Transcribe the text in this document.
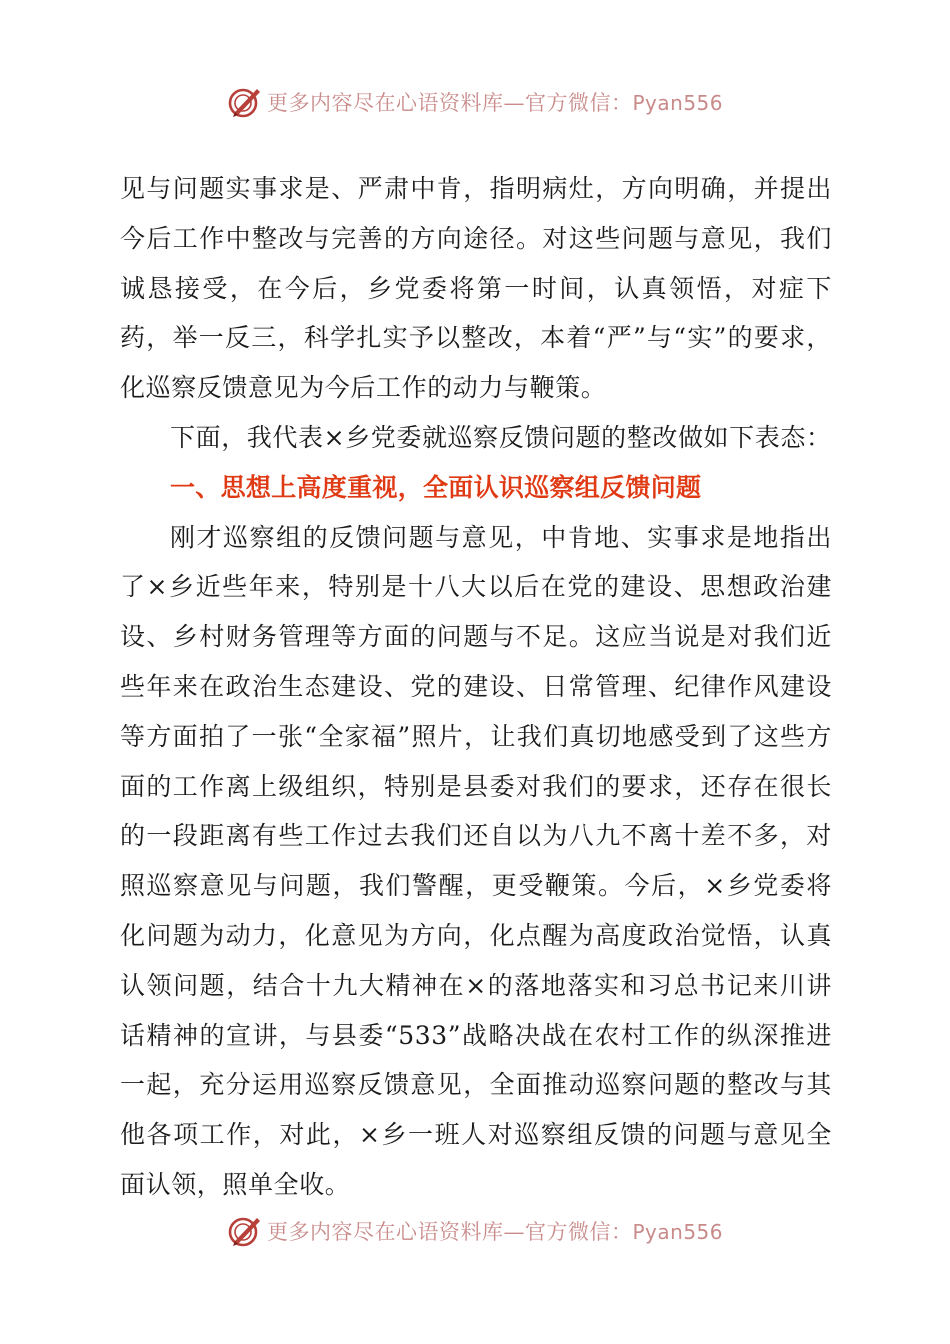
更多内容尽在心语资料库—官方微信：Pyan556

见与问题实事求是、严肃中肯，指明病灶，方向明确，并提出今后工作中整改与完善的方向途径。对这些问题与意见，我们诚恳接受，在今后，乡党委将第一时间，认真领悟，对症下药，举一反三，科学扎实予以整改，本着“严”与“实”的要求，化巡察反馈意见为今后工作的动力与鞭策。

下面，我代表×乡党委就巡察反馈问题的整改做如下表态：

一、思想上高度重视，全面认识巡察组反馈问题

刚才巡察组的反馈问题与意见，中肯地、实事求是地指出了×乡近些年来，特别是十八大以后在党的建设、思想政治建设、乡村财务管理等方面的问题与不足。这应当说是对我们近些年来在政治生态建设、党的建设、日常管理、纪律作风建设等方面拍了一张“全家福”照片，让我们真切地感受到了这些方面的工作离上级组织，特别是县委对我们的要求，还存在很长的一段距离有些工作过去我们还自以为八九不离十差不多，对照巡察意见与问题，我们警醒，更受鞭策。今后，×乡党委将化问题为动力，化意见为方向，化点醒为高度政治觉悟，认真认领问题，结合十九大精神在×的落地落实和习总书记来川讲话精神的宣讲，与县委“533”战略决战在农村工作的纵深推进一起，充分运用巡察反馈意见，全面推动巡察问题的整改与其他各项工作，对此，×乡一班人对巡察组反馈的问题与意见全面认领，照单全收。

更多内容尽在心语资料库—官方微信：Pyan556
